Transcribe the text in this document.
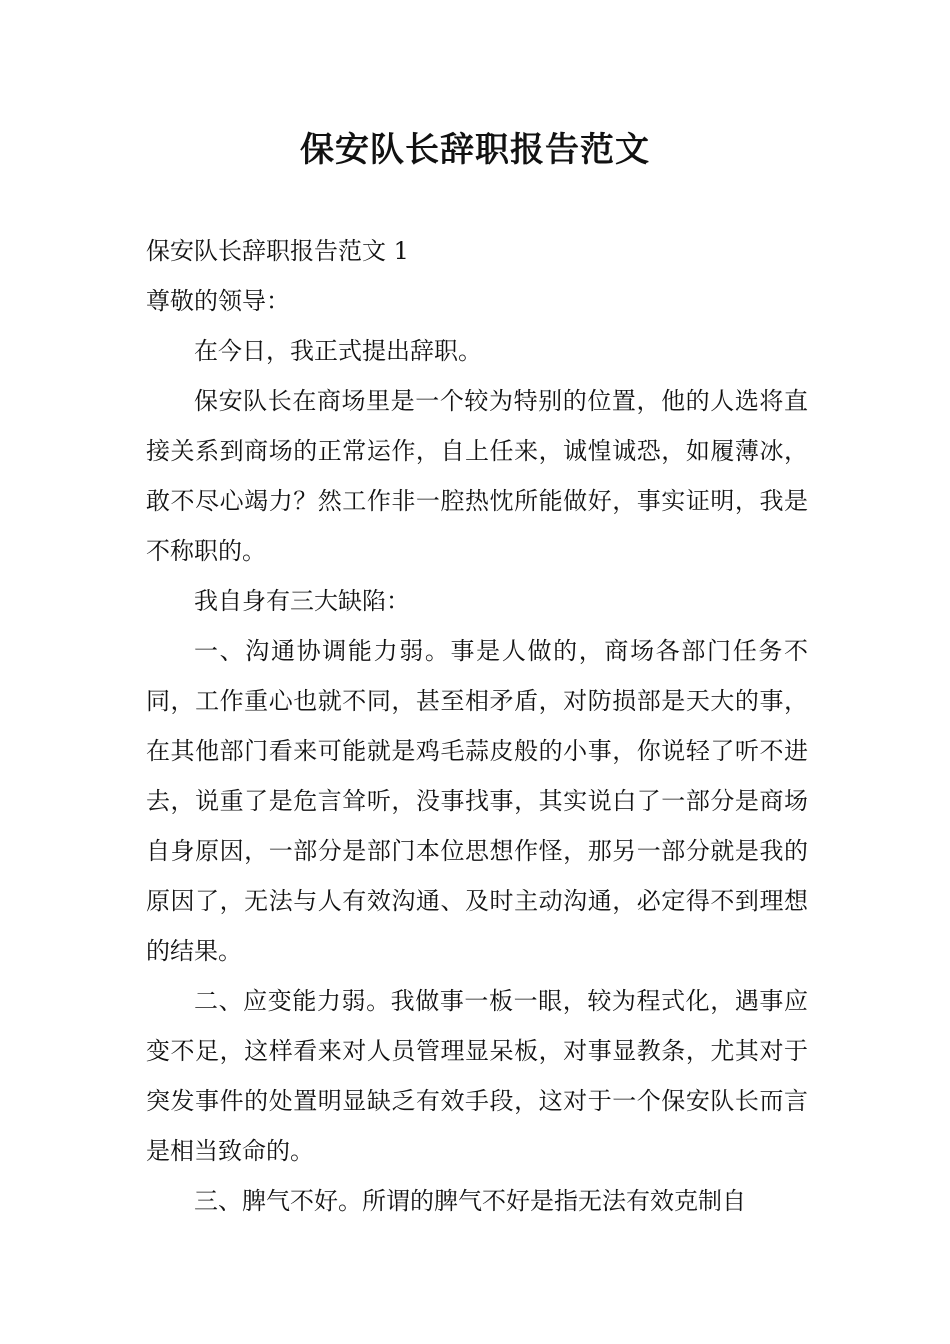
保安队长辞职报告范文

保安队长辞职报告范文 1

尊敬的领导：

在今日，我正式提出辞职。

保安队长在商场里是一个较为特别的位置，他的人选将直接关系到商场的正常运作，自上任来，诚惶诚恐，如履薄冰，敢不尽心竭力？然工作非一腔热忱所能做好，事实证明，我是不称职的。

我自身有三大缺陷：

一、沟通协调能力弱。事是人做的，商场各部门任务不同，工作重心也就不同，甚至相矛盾，对防损部是天大的事，在其他部门看来可能就是鸡毛蒜皮般的小事，你说轻了听不进去，说重了是危言耸听，没事找事，其实说白了一部分是商场自身原因，一部分是部门本位思想作怪，那另一部分就是我的原因了，无法与人有效沟通、及时主动沟通，必定得不到理想的结果。

二、应变能力弱。我做事一板一眼，较为程式化，遇事应变不足，这样看来对人员管理显呆板，对事显教条，尤其对于突发事件的处置明显缺乏有效手段，这对于一个保安队长而言是相当致命的。

三、脾气不好。所谓的脾气不好是指无法有效克制自
